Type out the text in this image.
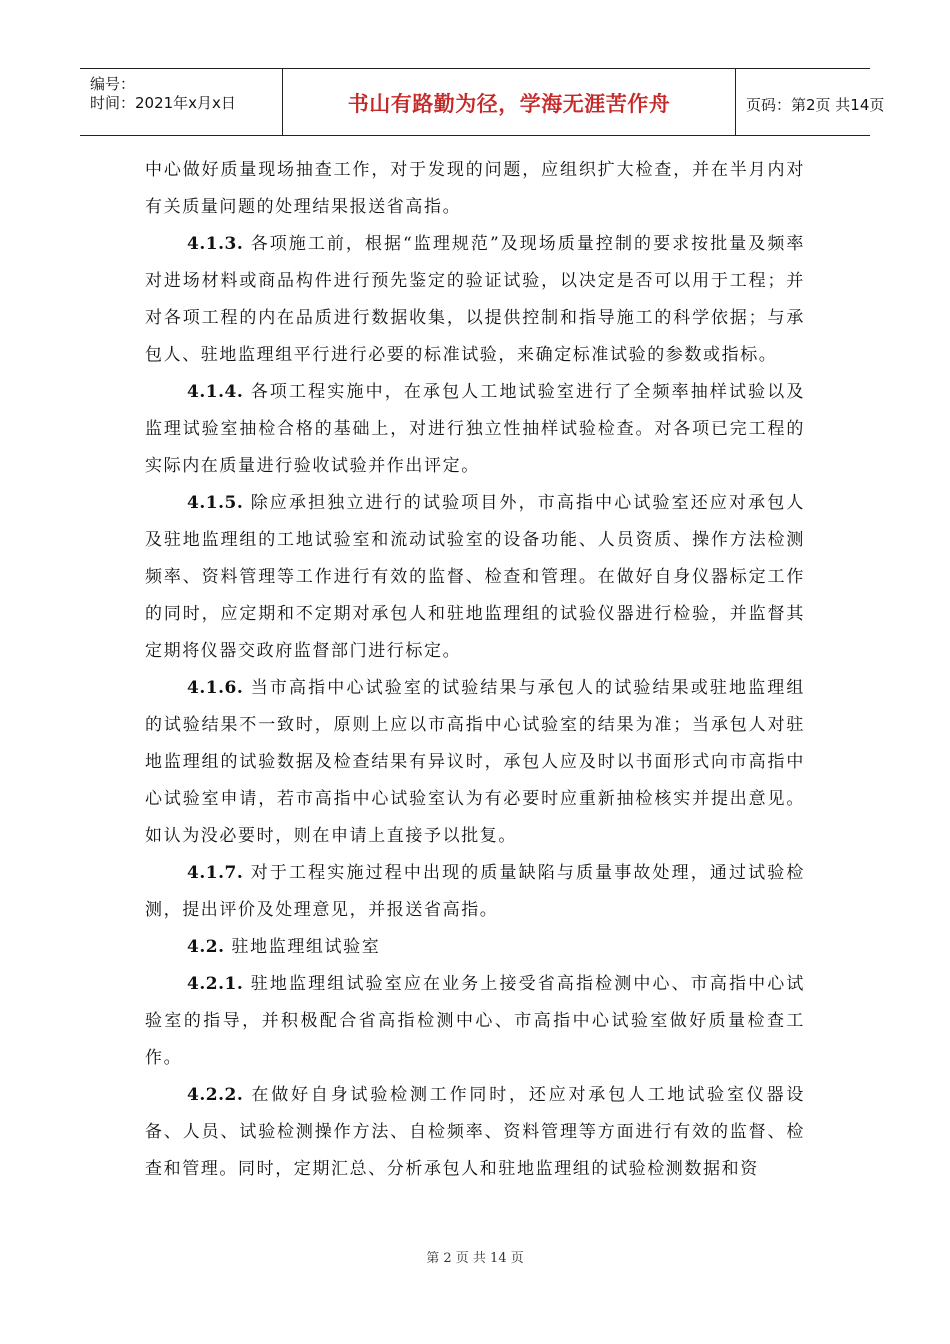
编号：
时间：2021年x月x日	书山有路勤为径，学海无涯苦作舟	页码：第2页 共14页

中心做好质量现场抽查工作，对于发现的问题，应组织扩大检查，并在半月内对有关质量问题的处理结果报送省高指。

4.1.3. 各项施工前，根据“监理规范”及现场质量控制的要求按批量及频率对进场材料或商品构件进行预先鉴定的验证试验，以决定是否可以用于工程；并对各项工程的内在品质进行数据收集，以提供控制和指导施工的科学依据；与承包人、驻地监理组平行进行必要的标准试验，来确定标准试验的参数或指标。

4.1.4. 各项工程实施中，在承包人工地试验室进行了全频率抽样试验以及监理试验室抽检合格的基础上，对进行独立性抽样试验检查。对各项已完工程的实际内在质量进行验收试验并作出评定。

4.1.5. 除应承担独立进行的试验项目外，市高指中心试验室还应对承包人及驻地监理组的工地试验室和流动试验室的设备功能、人员资质、操作方法检测频率、资料管理等工作进行有效的监督、检查和管理。在做好自身仪器标定工作的同时，应定期和不定期对承包人和驻地监理组的试验仪器进行检验，并监督其定期将仪器交政府监督部门进行标定。

4.1.6. 当市高指中心试验室的试验结果与承包人的试验结果或驻地监理组的试验结果不一致时，原则上应以市高指中心试验室的结果为准；当承包人对驻地监理组的试验数据及检查结果有异议时，承包人应及时以书面形式向市高指中心试验室申请，若市高指中心试验室认为有必要时应重新抽检核实并提出意见。如认为没必要时，则在申请上直接予以批复。

4.1.7. 对于工程实施过程中出现的质量缺陷与质量事故处理，通过试验检测，提出评价及处理意见，并报送省高指。

4.2. 驻地监理组试验室

4.2.1. 驻地监理组试验室应在业务上接受省高指检测中心、市高指中心试验室的指导，并积极配合省高指检测中心、市高指中心试验室做好质量检查工作。

4.2.2. 在做好自身试验检测工作同时，还应对承包人工地试验室仪器设备、人员、试验检测操作方法、自检频率、资料管理等方面进行有效的监督、检查和管理。同时，定期汇总、分析承包人和驻地监理组的试验检测数据和资

第 2 页 共 14 页
